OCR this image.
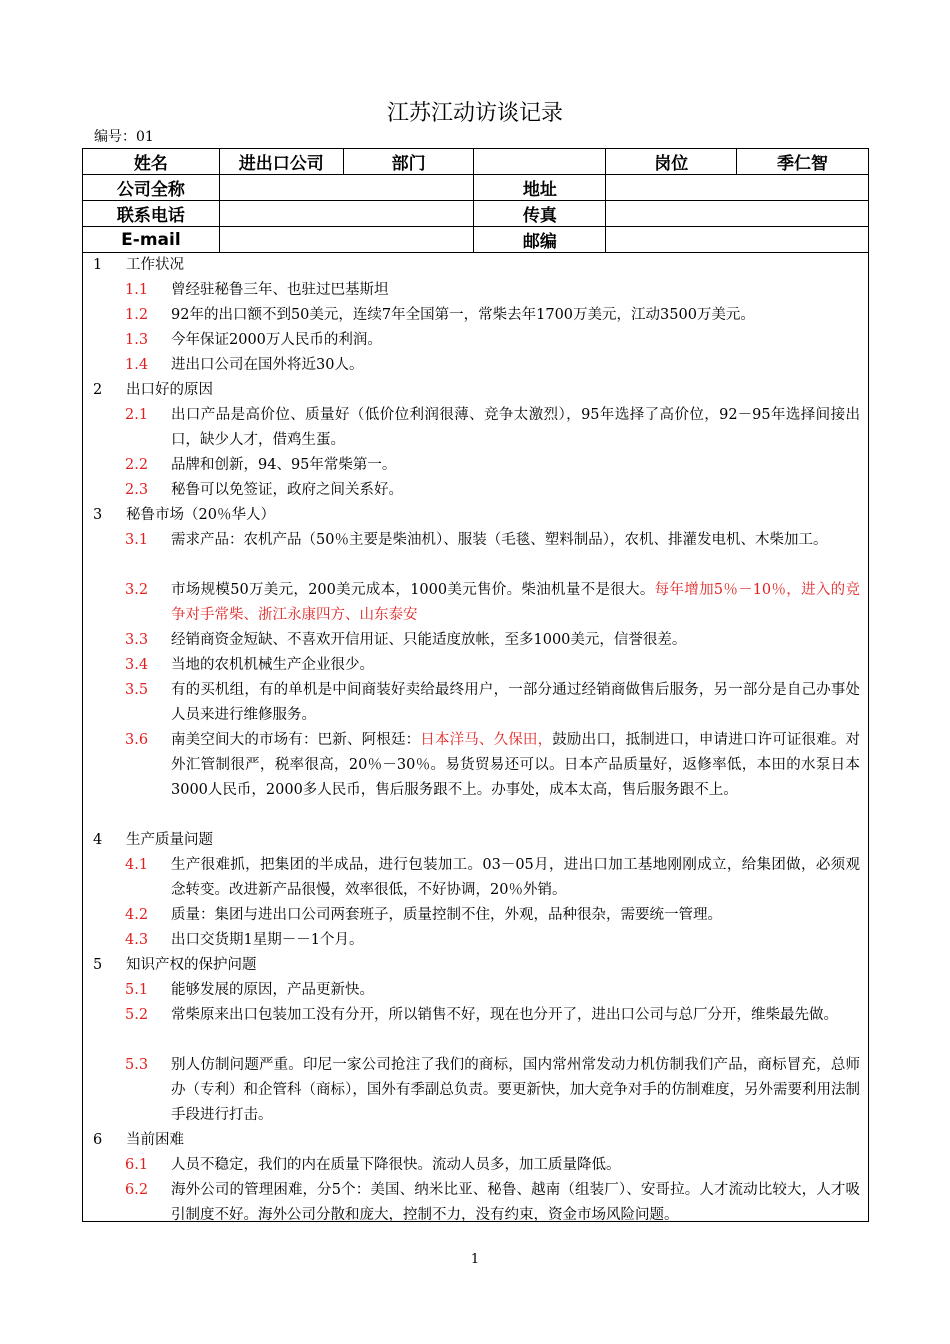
江苏江动访谈记录
编号：01
姓名	进出口公司	部门		岗位	季仁智
公司全称			地址		
联系电话			传真		
E-mail			邮编		
1 工作状况
1.1 曾经驻秘鲁三年、也驻过巴基斯坦
1.2 92年的出口额不到50美元，连续7年全国第一，常柴去年1700万美元，江动3500万美元。
1.3 今年保证2000万人民币的利润。
1.4 进出口公司在国外将近30人。
2 出口好的原因
2.1 出口产品是高价位、质量好（低价位利润很薄、竞争太激烈），95年选择了高价位，92－95年选择间接出口，缺少人才，借鸡生蛋。
2.2 品牌和创新，94、95年常柴第一。
2.3 秘鲁可以免签证，政府之间关系好。
3 秘鲁市场（20％华人）
3.1 需求产品：农机产品（50％主要是柴油机）、服装（毛毯、塑料制品），农机、排灌发电机、木柴加工。
3.2 市场规模50万美元，200美元成本，1000美元售价。柴油机量不是很大。每年增加5％－10％，进入的竞争对手常柴、浙江永康四方、山东泰安
3.3 经销商资金短缺、不喜欢开信用证、只能适度放帐，至多1000美元，信誉很差。
3.4 当地的农机机械生产企业很少。
3.5 有的买机组，有的单机是中间商装好卖给最终用户，一部分通过经销商做售后服务，另一部分是自己办事处人员来进行维修服务。
3.6 南美空间大的市场有：巴新、阿根廷：日本洋马、久保田，鼓励出口，抵制进口，申请进口许可证很难。对外汇管制很严，税率很高，20％－30％。易货贸易还可以。日本产品质量好，返修率低，本田的水泵日本3000人民币，2000多人民币，售后服务跟不上。办事处，成本太高，售后服务跟不上。
4 生产质量问题
4.1 生产很难抓，把集团的半成品，进行包装加工。03－05月，进出口加工基地刚刚成立，给集团做，必须观念转变。改进新产品很慢，效率很低，不好协调，20％外销。
4.2 质量：集团与进出口公司两套班子，质量控制不住，外观，品种很杂，需要统一管理。
4.3 出口交货期1星期－－1个月。
5 知识产权的保护问题
5.1 能够发展的原因，产品更新快。
5.2 常柴原来出口包装加工没有分开，所以销售不好，现在也分开了，进出口公司与总厂分开，维柴最先做。
5.3 别人仿制问题严重。印尼一家公司抢注了我们的商标，国内常州常发动力机仿制我们产品，商标冒充，总师办（专利）和企管科（商标），国外有季副总负责。要更新快，加大竞争对手的仿制难度，另外需要利用法制手段进行打击。
6 当前困难
6.1 人员不稳定，我们的内在质量下降很快。流动人员多，加工质量降低。
6.2 海外公司的管理困难，分5个：美国、纳米比亚、秘鲁、越南（组装厂）、安哥拉。人才流动比较大，人才吸引制度不好。海外公司分散和庞大，控制不力，没有约束，资金市场风险问题。
1
